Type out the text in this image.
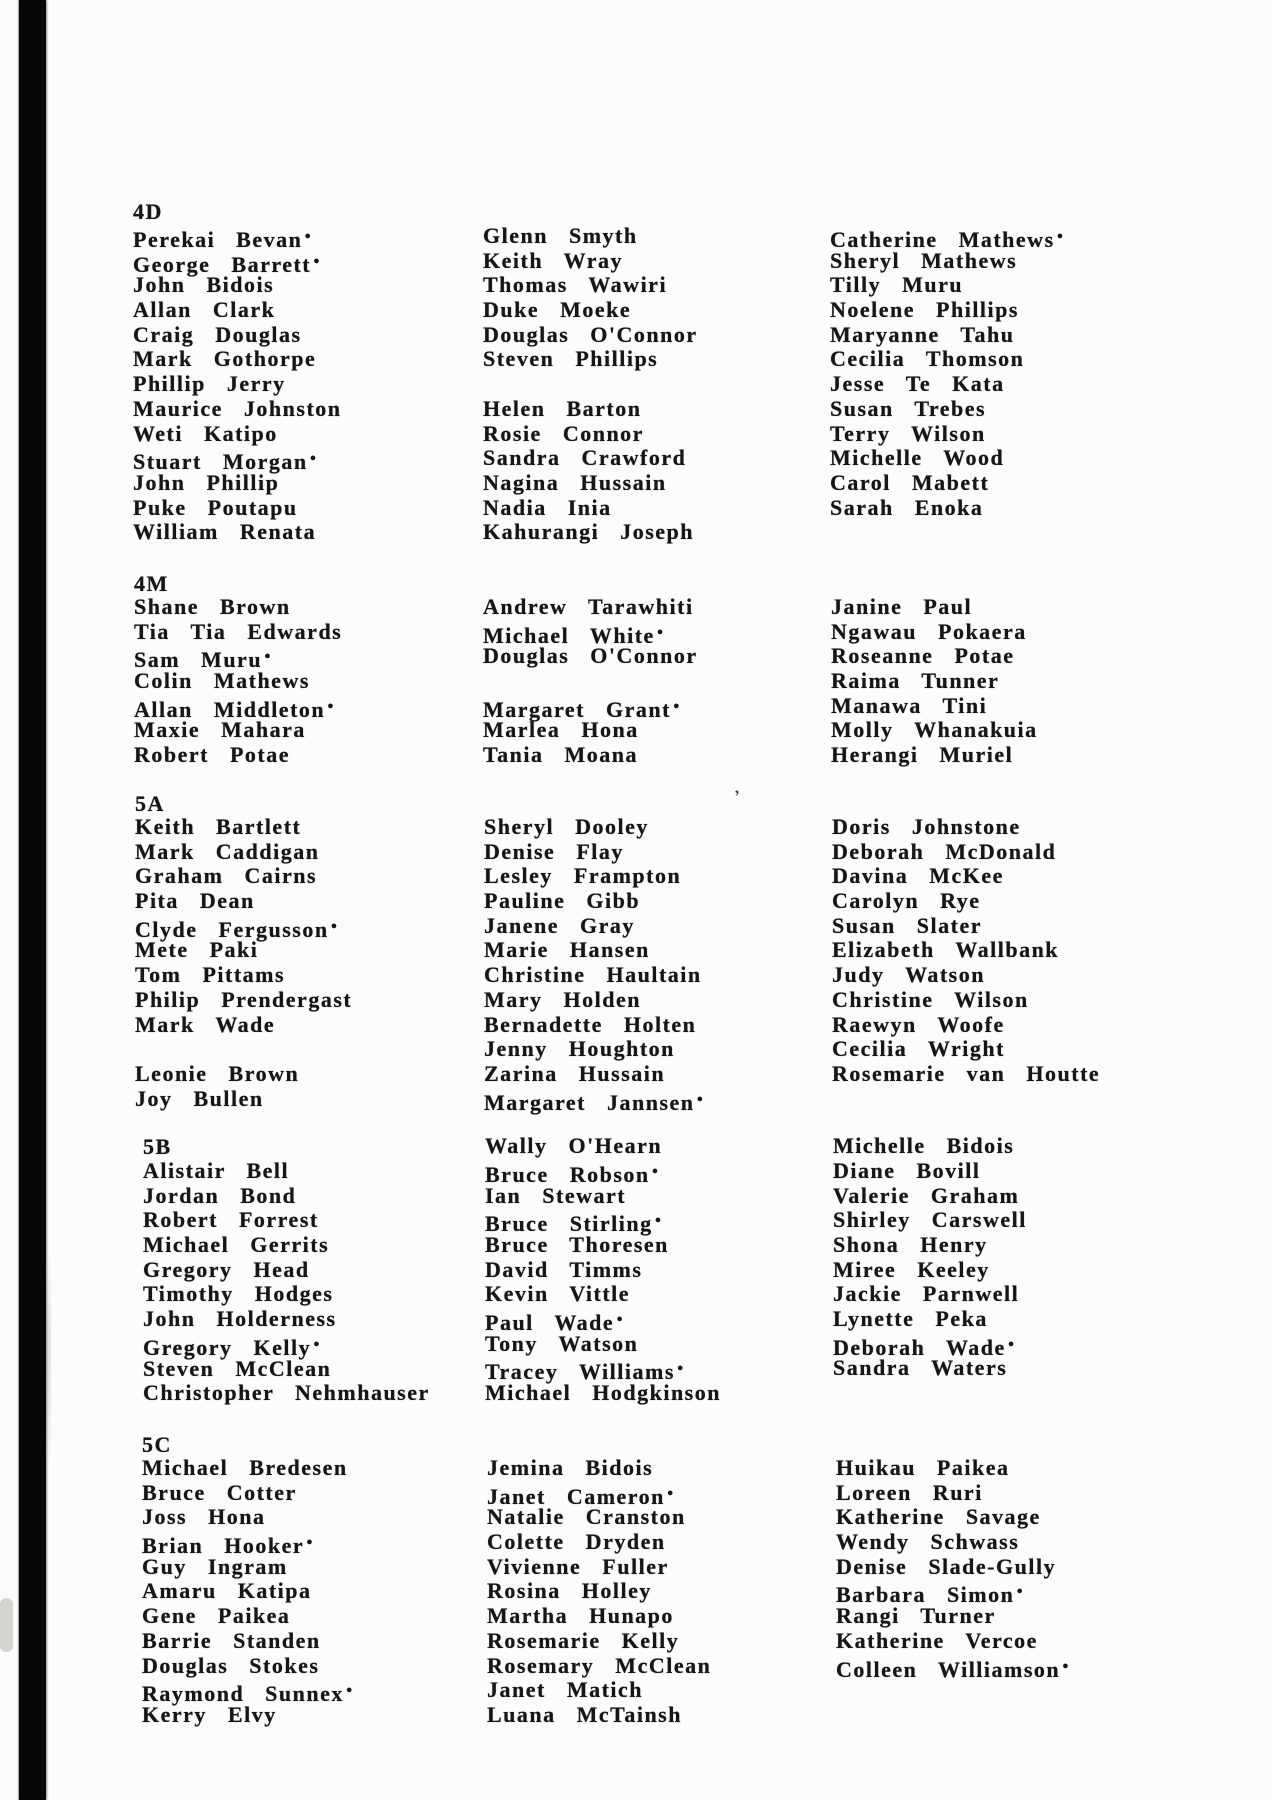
4D
Perekai Bevan ●
George Barrett ●
John Bidois
Allan Clark
Craig Douglas
Mark Gothorpe
Phillip Jerry
Maurice Johnston
Weti Katipo
Stuart Morgan ●
John Phillip
Puke Poutapu
William Renata
Glenn Smyth
Keith Wray
Thomas Wawiri
Duke Moeke
Douglas O'Connor
Steven Phillips
Helen Barton
Rosie Connor
Sandra Crawford
Nagina Hussain
Nadia Inia
Kahurangi Joseph
Catherine Mathews ●
Sheryl Mathews
Tilly Muru
Noelene Phillips
Maryanne Tahu
Cecilia Thomson
Jesse Te Kata
Susan Trebes
Terry Wilson
Michelle Wood
Carol Mabett
Sarah Enoka
4M
Shane Brown
Tia Tia Edwards
Sam Muru ●
Colin Mathews
Allan Middleton ●
Maxie Mahara
Robert Potae
Andrew Tarawhiti
Michael White ●
Douglas O'Connor
Margaret Grant ●
Marlea Hona
Tania Moana
Janine Paul
Ngawau Pokaera
Roseanne Potae
Raima Tunner
Manawa Tini
Molly Whanakuia
Herangi Muriel
5A
Keith Bartlett
Mark Caddigan
Graham Cairns
Pita Dean
Clyde Fergusson ●
Mete Paki
Tom Pittams
Philip Prendergast
Mark Wade
Leonie Brown
Joy Bullen
Sheryl Dooley
Denise Flay
Lesley Frampton
Pauline Gibb
Janene Gray
Marie Hansen
Christine Haultain
Mary Holden
Bernadette Holten
Jenny Houghton
Zarina Hussain
Margaret Jannsen ●
Doris Johnstone
Deborah McDonald
Davina McKee
Carolyn Rye
Susan Slater
Elizabeth Wallbank
Judy Watson
Christine Wilson
Raewyn Woofe
Cecilia Wright
Rosemarie van Houtte
5B
Alistair Bell
Jordan Bond
Robert Forrest
Michael Gerrits
Gregory Head
Timothy Hodges
John Holderness
Gregory Kelly ●
Steven McClean
Christopher Nehmhauser
Wally O'Hearn
Bruce Robson ●
Ian Stewart
Bruce Stirling ●
Bruce Thoresen
David Timms
Kevin Vittle
Paul Wade ●
Tony Watson
Tracey Williams ●
Michael Hodgkinson
Michelle Bidois
Diane Bovill
Valerie Graham
Shirley Carswell
Shona Henry
Miree Keeley
Jackie Parnwell
Lynette Peka
Deborah Wade ●
Sandra Waters
5C
Michael Bredesen
Bruce Cotter
Joss Hona
Brian Hooker ●
Guy Ingram
Amaru Katipa
Gene Paikea
Barrie Standen
Douglas Stokes
Raymond Sunnex ●
Kerry Elvy
Jemina Bidois
Janet Cameron ●
Natalie Cranston
Colette Dryden
Vivienne Fuller
Rosina Holley
Martha Hunapo
Rosemarie Kelly
Rosemary McClean
Janet Matich
Luana McTainsh
Huikau Paikea
Loreen Ruri
Katherine Savage
Wendy Schwass
Denise Slade-Gully
Barbara Simon ●
Rangi Turner
Katherine Vercoe
Colleen Williamson ●
,
